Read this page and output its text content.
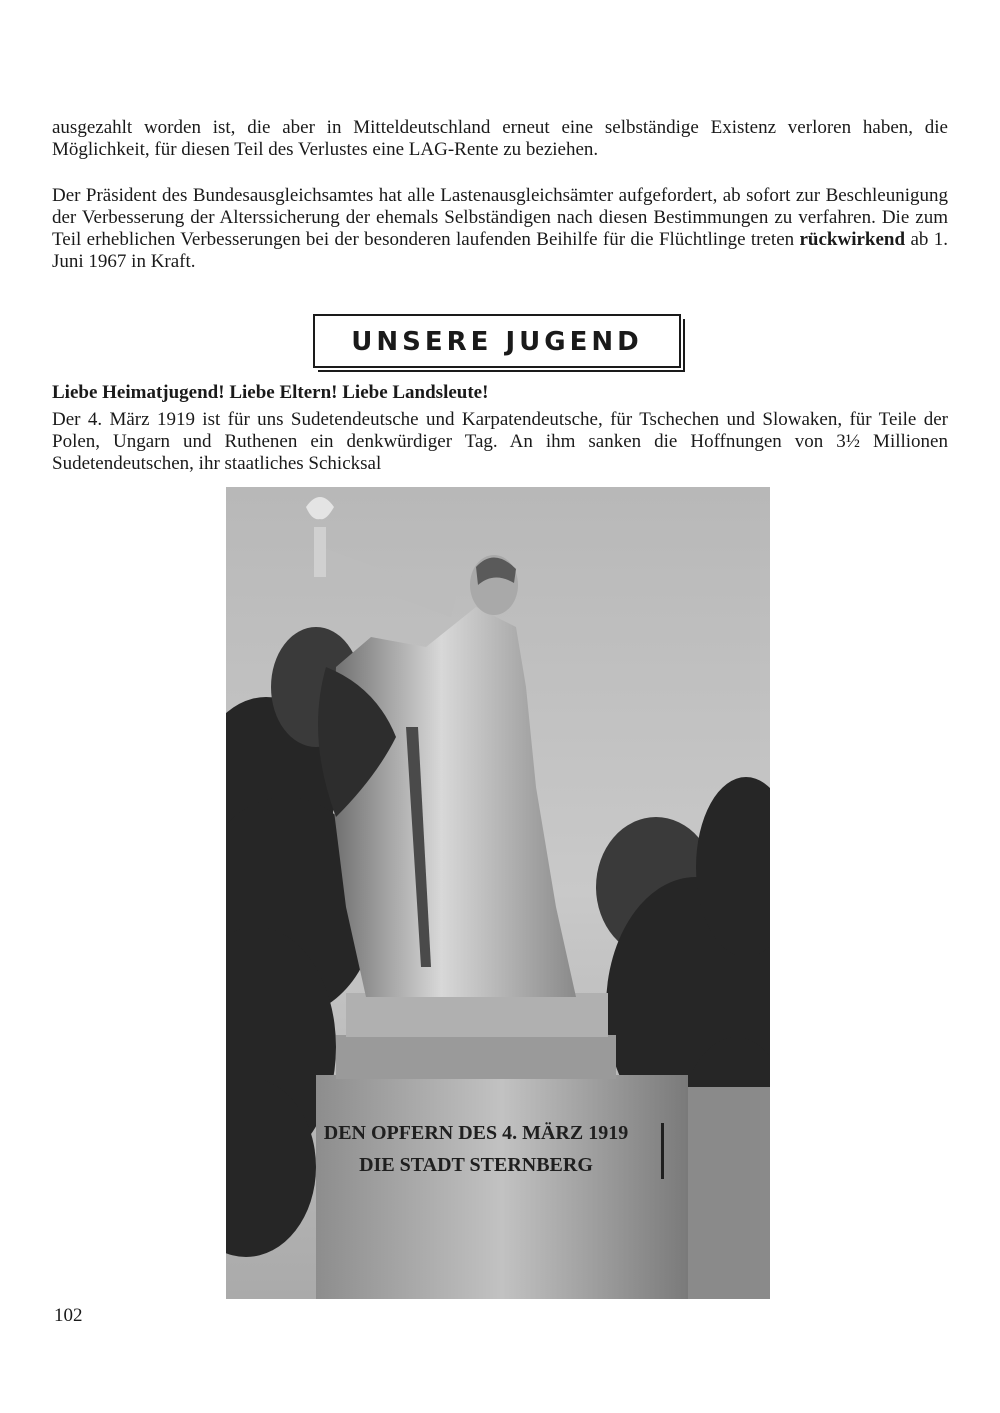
ausgezahlt worden ist, die aber in Mitteldeutschland erneut eine selbständige Existenz verloren haben, die Möglichkeit, für diesen Teil des Verlustes eine LAG-Rente zu beziehen.

Der Präsident des Bundesausgleichsamtes hat alle Lastenausgleichsämter aufgefordert, ab sofort zur Beschleunigung der Verbesserung der Alterssicherung der ehemals Selbständigen nach diesen Bestimmungen zu verfahren. Die zum Teil erheblichen Verbesserungen bei der besonderen laufenden Beihilfe für die Flüchtlinge treten rückwirkend ab 1. Juni 1967 in Kraft.

UNSERE JUGEND
Liebe Heimatjugend! Liebe Eltern! Liebe Landsleute!

Der 4. März 1919 ist für uns Sudetendeutsche und Karpatendeutsche, für Tschechen und Slowaken, für Teile der Polen, Ungarn und Ruthenen ein denkwürdiger Tag. An ihm sanken die Hoffnungen von 3½ Millionen Sudetendeutschen, ihr staatliches Schicksal

DEN OPFERN DES 4. MÄRZ 1919
DIE STADT STERNBERG
102
